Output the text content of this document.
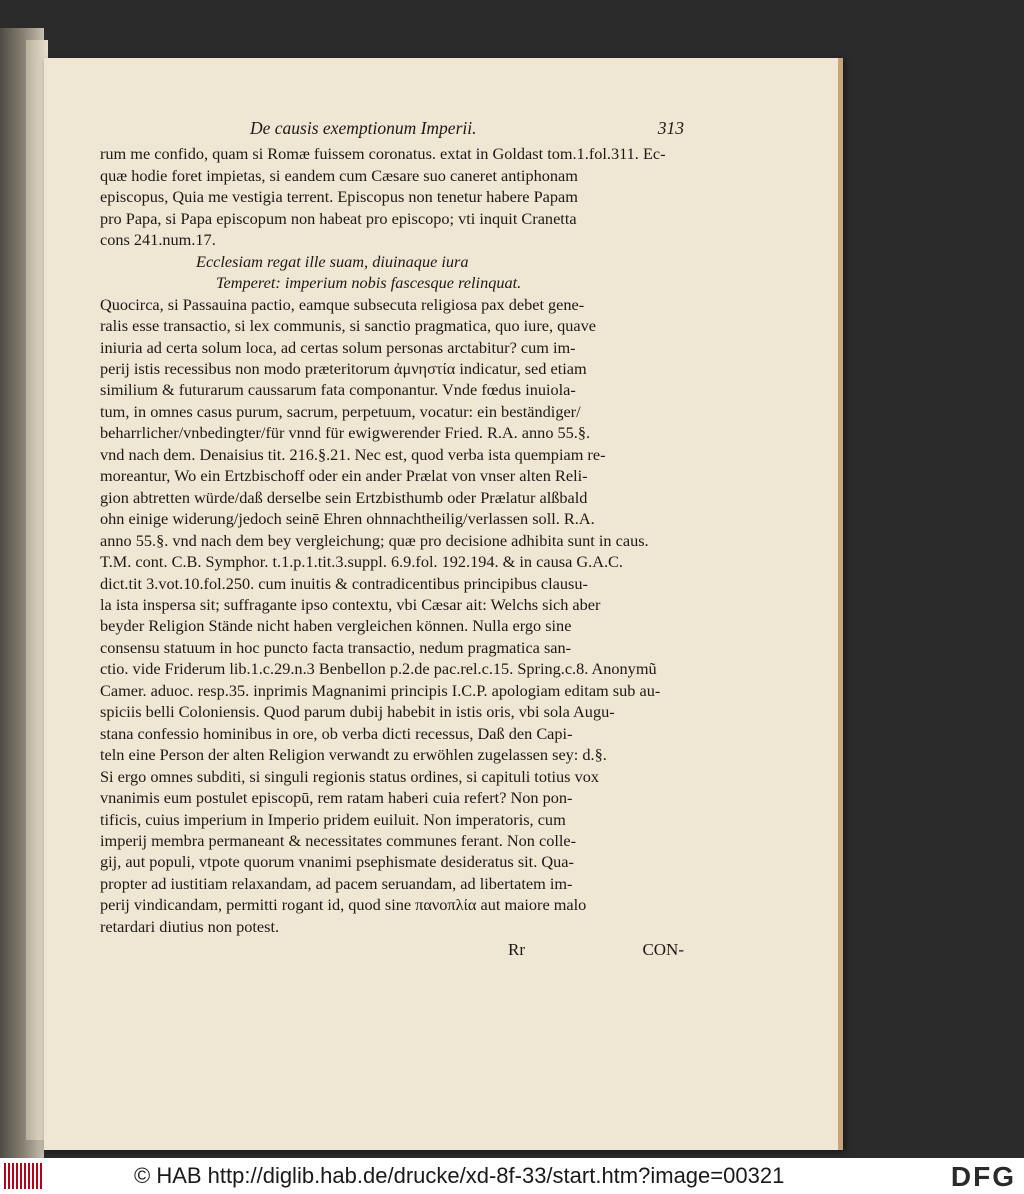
De causis exemptionum Imperii.	313
rum me confido, quam si Romæ fuissem coronatus. extat in Goldast tom.1.fol.311. Ec-
quæ hodie foret impietas, si eandem cum Cæsare suo caneret antiphonam
episcopus, Quia me vestigia terrent. Episcopus non tenetur habere Papam
pro Papa, si Papa episcopum non habeat pro episcopo; vti inquit Cranetta
cons 241.num.17.
Ecclesiam regat ille suam, diuinaque iura
Temperet: imperium nobis fascesque relinquat.
Quocirca, si Passauina pactio, eamque subsecuta religiosa pax debet gene-
ralis esse transactio, si lex communis, si sanctio pragmatica, quo iure, quave
iniuria ad certa solum loca, ad certas solum personas arctabitur? cum im-
perij istis recessibus non modo præteritorum ἀμνηστία indicatur, sed etiam
similium & futurarum caussarum fata componantur. Vnde fœdus inuiola-
tum, in omnes casus purum, sacrum, perpetuum, vocatur: ein beständiger/
beharrlicher/vnbedingter/für vnnd für ewigwerender Fried. R.A. anno 55.§.
vnd nach dem. Denaisius tit. 216.§.21. Nec est, quod verba ista quempiam re-
moreantur, Wo ein Ertzbischoff oder ein ander Prælat von vnser alten Reli-
gion abtretten würde/daß derselbe sein Ertzbisthumb oder Prælatur alßbald
ohn einige widerung/jedoch seinē Ehren ohnnachtheilig/verlassen soll. R.A.
anno 55.§. vnd nach dem bey vergleichung; quæ pro decisione adhibita sunt in caus.
T.M. cont. C.B. Symphor. t.1.p.1.tit.3.suppl. 6.9.fol. 192.194. & in causa G.A.C.
dict.tit 3.vot.10.fol.250. cum inuitis & contradicentibus principibus clausu-
la ista inspersa sit; suffragante ipso contextu, vbi Cæsar ait: Welchs sich aber
beyder Religion Stände nicht haben vergleichen können. Nulla ergo sine
consensu statuum in hoc puncto facta transactio, nedum pragmatica san-
ctio. vide Friderum lib.1.c.29.n.3 Benbellon p.2.de pac.rel.c.15. Spring.c.8. Anonymũ
Camer. aduoc. resp.35. inprimis Magnanimi principis I.C.P. apologiam editam sub au-
spiciis belli Coloniensis. Quod parum dubij habebit in istis oris, vbi sola Augu-
stana confessio hominibus in ore, ob verba dicti recessus, Daß den Capi-
teln eine Person der alten Religion verwandt zu erwöhlen zugelassen sey: d.§.
Si ergo omnes subditi, si singuli regionis status ordines, si capituli totius vox
vnanimis eum postulet episcopū, rem ratam haberi cuia refert? Non pon-
tificis, cuius imperium in Imperio pridem euiluit. Non imperatoris, cum
imperij membra permaneant & necessitates communes ferant. Non colle-
gij, aut populi, vtpote quorum vnanimi psephismate desideratus sit. Qua-
propter ad iustitiam relaxandam, ad pacem seruandam, ad libertatem im-
perij vindicandam, permitti rogant id, quod sine πανοπλία aut maiore malo
retardari diutius non potest.
Rr	CON-
© HAB http://diglib.hab.de/drucke/xd-8f-33/start.htm?image=00321	DFG
